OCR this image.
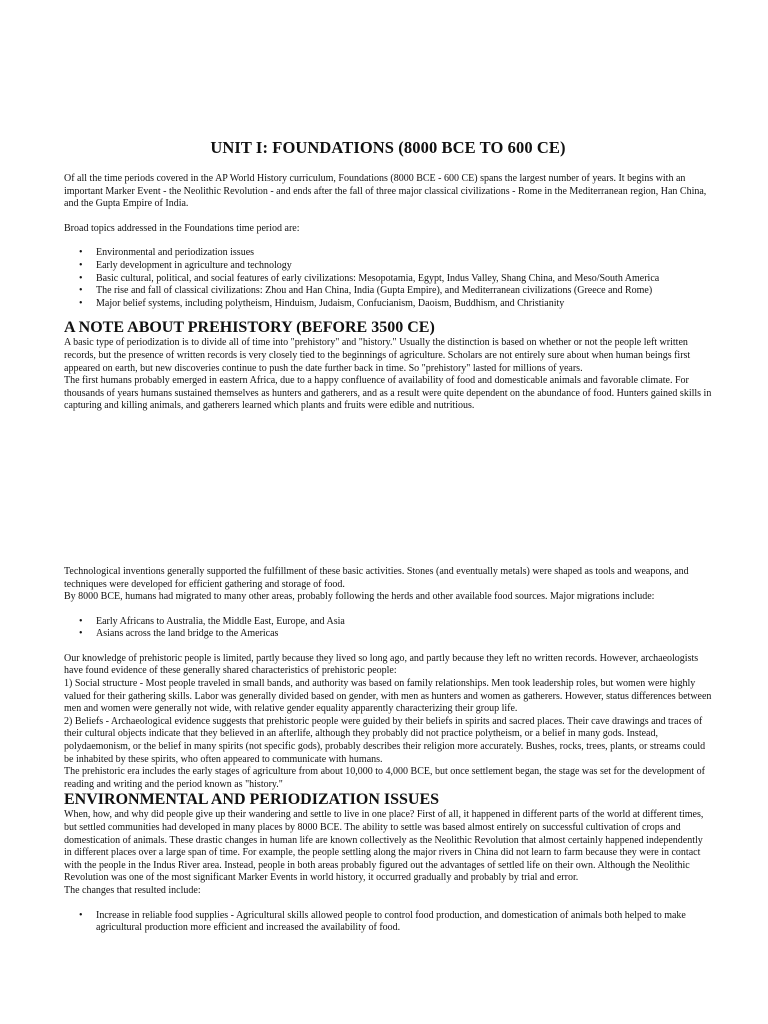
UNIT I: FOUNDATIONS (8000 BCE TO 600 CE)

Of all the time periods covered in the AP World History curriculum, Foundations (8000 BCE - 600 CE) spans the largest number of years. It begins with an important Marker Event - the Neolithic Revolution - and ends after the fall of three major classical civilizations - Rome in the Mediterranean region, Han China, and the Gupta Empire of India.

Broad topics addressed in the Foundations time period are:

• Environmental and periodization issues
• Early development in agriculture and technology
• Basic cultural, political, and social features of early civilizations: Mesopotamia, Egypt, Indus Valley, Shang China, and Meso/South America
• The rise and fall of classical civilizations: Zhou and Han China, India (Gupta Empire), and Mediterranean civilizations (Greece and Rome)
• Major belief systems, including polytheism, Hinduism, Judaism, Confucianism, Daoism, Buddhism, and Christianity
A NOTE ABOUT PREHISTORY (BEFORE 3500 CE)

A basic type of periodization is to divide all of time into "prehistory" and "history." Usually the distinction is based on whether or not the people left written records, but the presence of written records is very closely tied to the beginnings of agriculture. Scholars are not entirely sure about when human beings first appeared on earth, but new discoveries continue to push the date further back in time. So "prehistory" lasted for millions of years.

The first humans probably emerged in eastern Africa, due to a happy confluence of availability of food and domesticable animals and favorable climate. For thousands of years humans sustained themselves as hunters and gatherers, and as a result were quite dependent on the abundance of food. Hunters gained skills in capturing and killing animals, and gatherers learned which plants and fruits were edible and nutritious.

Technological inventions generally supported the fulfillment of these basic activities. Stones (and eventually metals) were shaped as tools and weapons, and techniques were developed for efficient gathering and storage of food.

By 8000 BCE, humans had migrated to many other areas, probably following the herds and other available food sources. Major migrations include:

• Early Africans to Australia, the Middle East, Europe, and Asia
• Asians across the land bridge to the Americas

Our knowledge of prehistoric people is limited, partly because they lived so long ago, and partly because they left no written records. However, archaeologists have found evidence of these generally shared characteristics of prehistoric people:

1) Social structure - Most people traveled in small bands, and authority was based on family relationships. Men took leadership roles, but women were highly valued for their gathering skills. Labor was generally divided based on gender, with men as hunters and women as gatherers. However, status differences between men and women were generally not wide, with relative gender equality apparently characterizing their group life.

2) Beliefs - Archaeological evidence suggests that prehistoric people were guided by their beliefs in spirits and sacred places. Their cave drawings and traces of their cultural objects indicate that they believed in an afterlife, although they probably did not practice polytheism, or a belief in many gods. Instead, polydaemonism, or the belief in many spirits (not specific gods), probably describes their religion more accurately. Bushes, rocks, trees, plants, or streams could be inhabited by these spirits, who often appeared to communicate with humans.

The prehistoric era includes the early stages of agriculture from about 10,000 to 4,000 BCE, but once settlement began, the stage was set for the development of reading and writing and the period known as "history."

ENVIRONMENTAL AND PERIODIZATION ISSUES

When, how, and why did people give up their wandering and settle to live in one place? First of all, it happened in different parts of the world at different times, but settled communities had developed in many places by 8000 BCE. The ability to settle was based almost entirely on successful cultivation of crops and domestication of animals. These drastic changes in human life are known collectively as the Neolithic Revolution that almost certainly happened independently in different places over a large span of time. For example, the people settling along the major rivers in China did not learn to farm because they were in contact with the people in the Indus River area. Instead, people in both areas probably figured out the advantages of settled life on their own. Although the Neolithic Revolution was one of the most significant Marker Events in world history, it occurred gradually and probably by trial and error.

The changes that resulted include:

• Increase in reliable food supplies - Agricultural skills allowed people to control food production, and domestication of animals both helped to make agricultural production more efficient and increased the availability of food.
